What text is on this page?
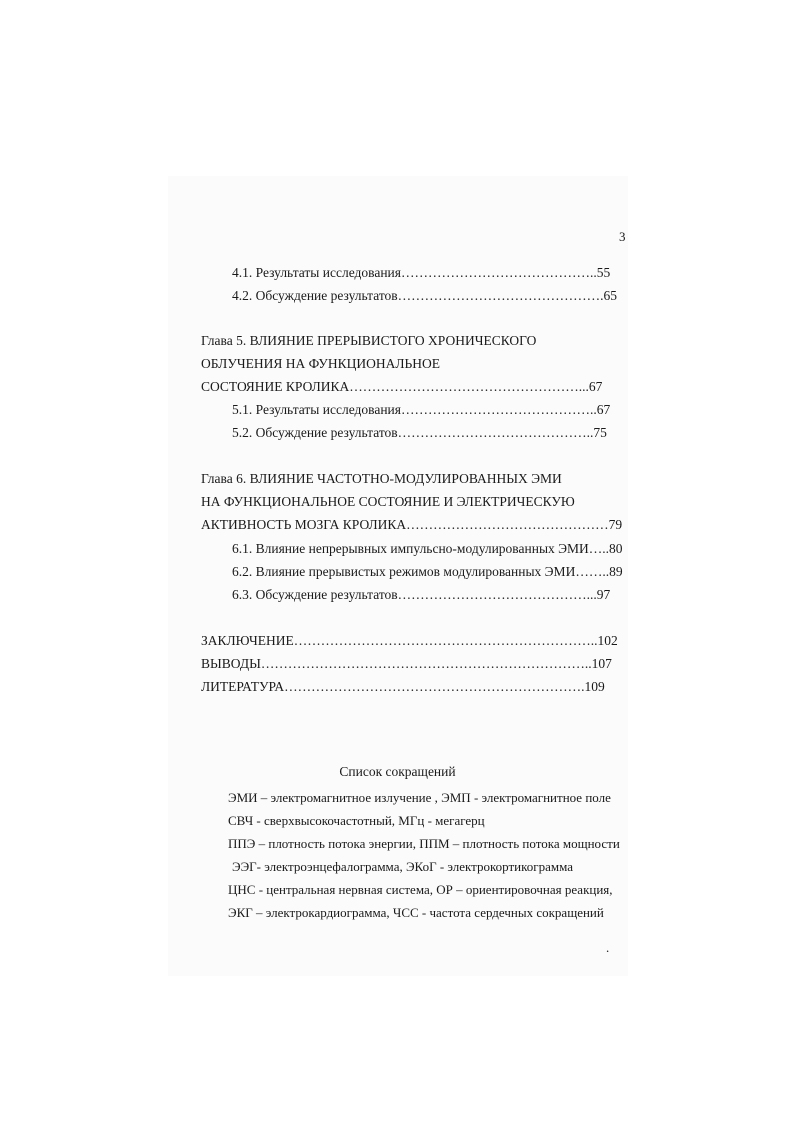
3
4.1. Результаты исследования……………………………………..55
4.2. Обсуждение результатов……………………………………….65
Глава 5. ВЛИЯНИЕ ПРЕРЫВИСТОГО ХРОНИЧЕСКОГО
ОБЛУЧЕНИЯ НА ФУНКЦИОНАЛЬНОЕ
СОСТОЯНИЕ КРОЛИКА……………………………………………...67
5.1. Результаты исследования……………………………………..67
5.2. Обсуждение результатов……………………………………..75
Глава 6. ВЛИЯНИЕ ЧАСТОТНО-МОДУЛИРОВАННЫХ ЭМИ
НА ФУНКЦИОНАЛЬНОЕ СОСТОЯНИЕ И ЭЛЕКТРИЧЕСКУЮ
АКТИВНОСТЬ МОЗГА КРОЛИКА………………………………………79
6.1. Влияние непрерывных импульсно-модулированных ЭМИ…..80
6.2. Влияние прерывистых режимов модулированных ЭМИ……..89
6.3. Обсуждение результатов……………………………………...97
ЗАКЛЮЧЕНИЕ…………………………………………………………..102
ВЫВОДЫ………………………………………………………………..107
ЛИТЕРАТУРА………………………………………………………….109
Список сокращений
ЭМИ – электромагнитное излучение , ЭМП - электромагнитное поле
СВЧ - сверхвысокочастотный, МГц - мегагерц
ППЭ – плотность потока энергии, ППМ – плотность потока мощности
ЭЭГ- электроэнцефалограмма, ЭКоГ - электрокортикограмма
ЦНС - центральная нервная система, ОР – ориентировочная реакция,
ЭКГ – электрокардиограмма, ЧСС - частота сердечных сокращений
.
